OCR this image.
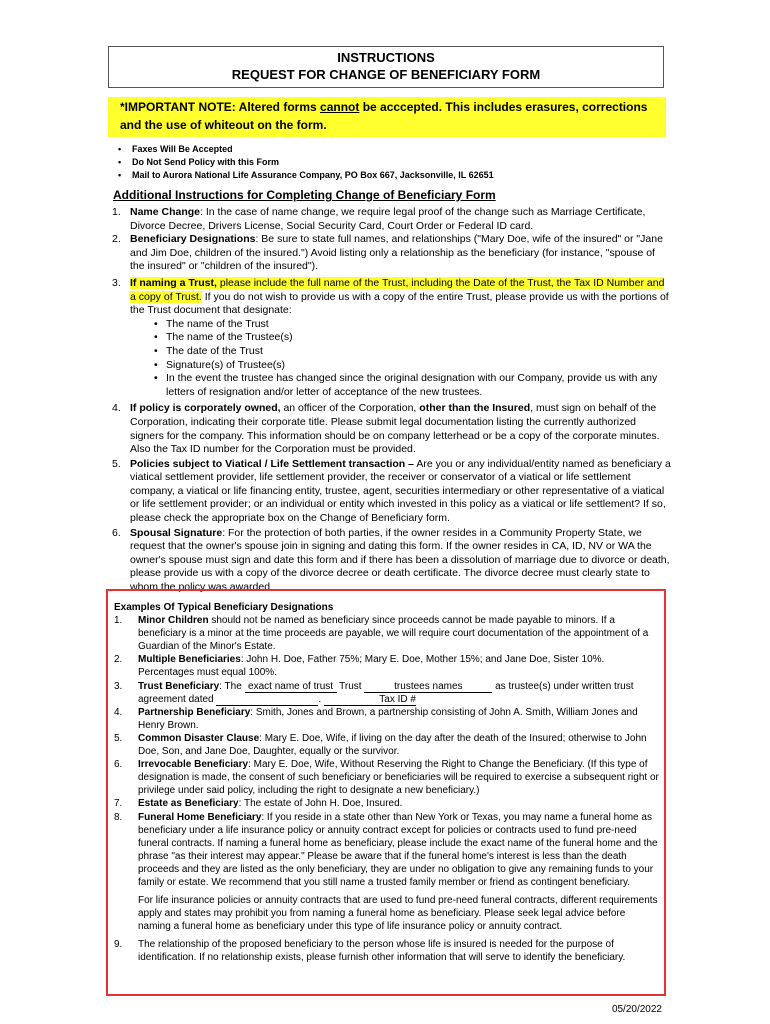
INSTRUCTIONS
REQUEST FOR CHANGE OF BENEFICIARY FORM
*IMPORTANT NOTE: Altered forms cannot be acccepted. This includes erasures, corrections
and the use of whiteout on the form.
• Faxes Will Be Accepted
• Do Not Send Policy with this Form
• Mail to Aurora National Life Assurance Company, PO Box 667, Jacksonville, IL 62651
Additional Instructions for Completing Change of Beneficiary Form
1. Name Change: In the case of name change, we require legal proof of the change such as Marriage Certificate, Divorce Decree, Drivers License, Social Security Card, Court Order or Federal ID card.
2. Beneficiary Designations: Be sure to state full names, and relationships ("Mary Doe, wife of the insured" or "Jane and Jim Doe, children of the insured.") Avoid listing only a relationship as the beneficiary (for instance, "spouse of the insured" or "children of the insured").
3. If naming a Trust, please include the full name of the Trust, including the Date of the Trust, the Tax ID Number and a copy of Trust. If you do not wish to provide us with a copy of the entire Trust, please provide us with the portions of the Trust document that designate:
• The name of the Trust
• The name of the Trustee(s)
• The date of the Trust
• Signature(s) of Trustee(s)
• In the event the trustee has changed since the original designation with our Company, provide us with any
letters of resignation and/or letter of acceptance of the new trustees.
4. If policy is corporately owned, an officer of the Corporation, other than the Insured, must sign on behalf of the Corporation, indicating their corporate title. Please submit legal documentation listing the currently authorized signers for the company. This information should be on company letterhead or be a copy of the corporate minutes. Also the Tax ID number for the Corporation must be provided.
5. Policies subject to Viatical / Life Settlement transaction – Are you or any individual/entity named as beneficiary a viatical settlement provider, life settlement provider, the receiver or conservator of a viatical or life settlement company, a viatical or life financing entity, trustee, agent, securities intermediary or other representative of a viatical or life settlement provider; or an individual or entity which invested in this policy as a viatical or life settlement? If so, please check the appropriate box on the Change of Beneficiary form.
6. Spousal Signature: For the protection of both parties, if the owner resides in a Community Property State, we request that the owner's spouse join in signing and dating this form. If the owner resides in CA, ID, NV or WA the owner's spouse must sign and date this form and if there has been a dissolution of marriage due to divorce or death, please provide us with a copy of the divorce decree or death certificate. The divorce decree must clearly state to whom the policy was awarded.
Examples Of Typical Beneficiary Designations
1. Minor Children should not be named as beneficiary since proceeds cannot be made payable to minors. If a beneficiary is a minor at the time proceeds are payable, we will require court documentation of the appointment of a Guardian of the Minor's Estate.
2. Multiple Beneficiaries: John H. Doe, Father 75%; Mary E. Doe, Mother 15%; and Jane Doe, Sister 10%. Percentages must equal 100%.
3. Trust Beneficiary: The exact name of trust Trust	trustees names	as trustee(s) under written trust
agreement dated	.	Tax ID #
4. Partnership Beneficiary: Smith, Jones and Brown, a partnership consisting of John A. Smith, William Jones and Henry Brown.
5. Common Disaster Clause: Mary E. Doe, Wife, if living on the day after the death of the Insured; otherwise to John Doe, Son, and Jane Doe, Daughter, equally or the survivor.
6. Irrevocable Beneficiary: Mary E. Doe, Wife, Without Reserving the Right to Change the Beneficiary. (If this type of designation is made, the consent of such beneficiary or beneficiaries will be required to exercise a subsequent right or privilege under said policy, including the right to designate a new beneficiary.)
7. Estate as Beneficiary: The estate of John H. Doe, Insured.
8. Funeral Home Beneficiary: If you reside in a state other than New York or Texas, you may name a funeral home as beneficiary under a life insurance policy or annuity contract except for policies or contracts used to fund pre-need funeral contracts. If naming a funeral home as beneficiary, please include the exact name of the funeral home and the phrase "as their interest may appear." Please be aware that if the funeral home's interest is less than the death proceeds and they are listed as the only beneficiary, they are under no obligation to give any remaining funds to your family or estate. We recommend that you still name a trusted family member or friend as contingent beneficiary.
For life insurance policies or annuity contracts that are used to fund pre-need funeral contracts, different requirements apply and states may prohibit you from naming a funeral home as beneficiary. Please seek legal advice before naming a funeral home as beneficiary under this type of life insurance policy or annuity contract.
9. The relationship of the proposed beneficiary to the person whose life is insured is needed for the purpose of identification. If no relationship exists, please furnish other information that will serve to identify the beneficiary.
05/20/2022
